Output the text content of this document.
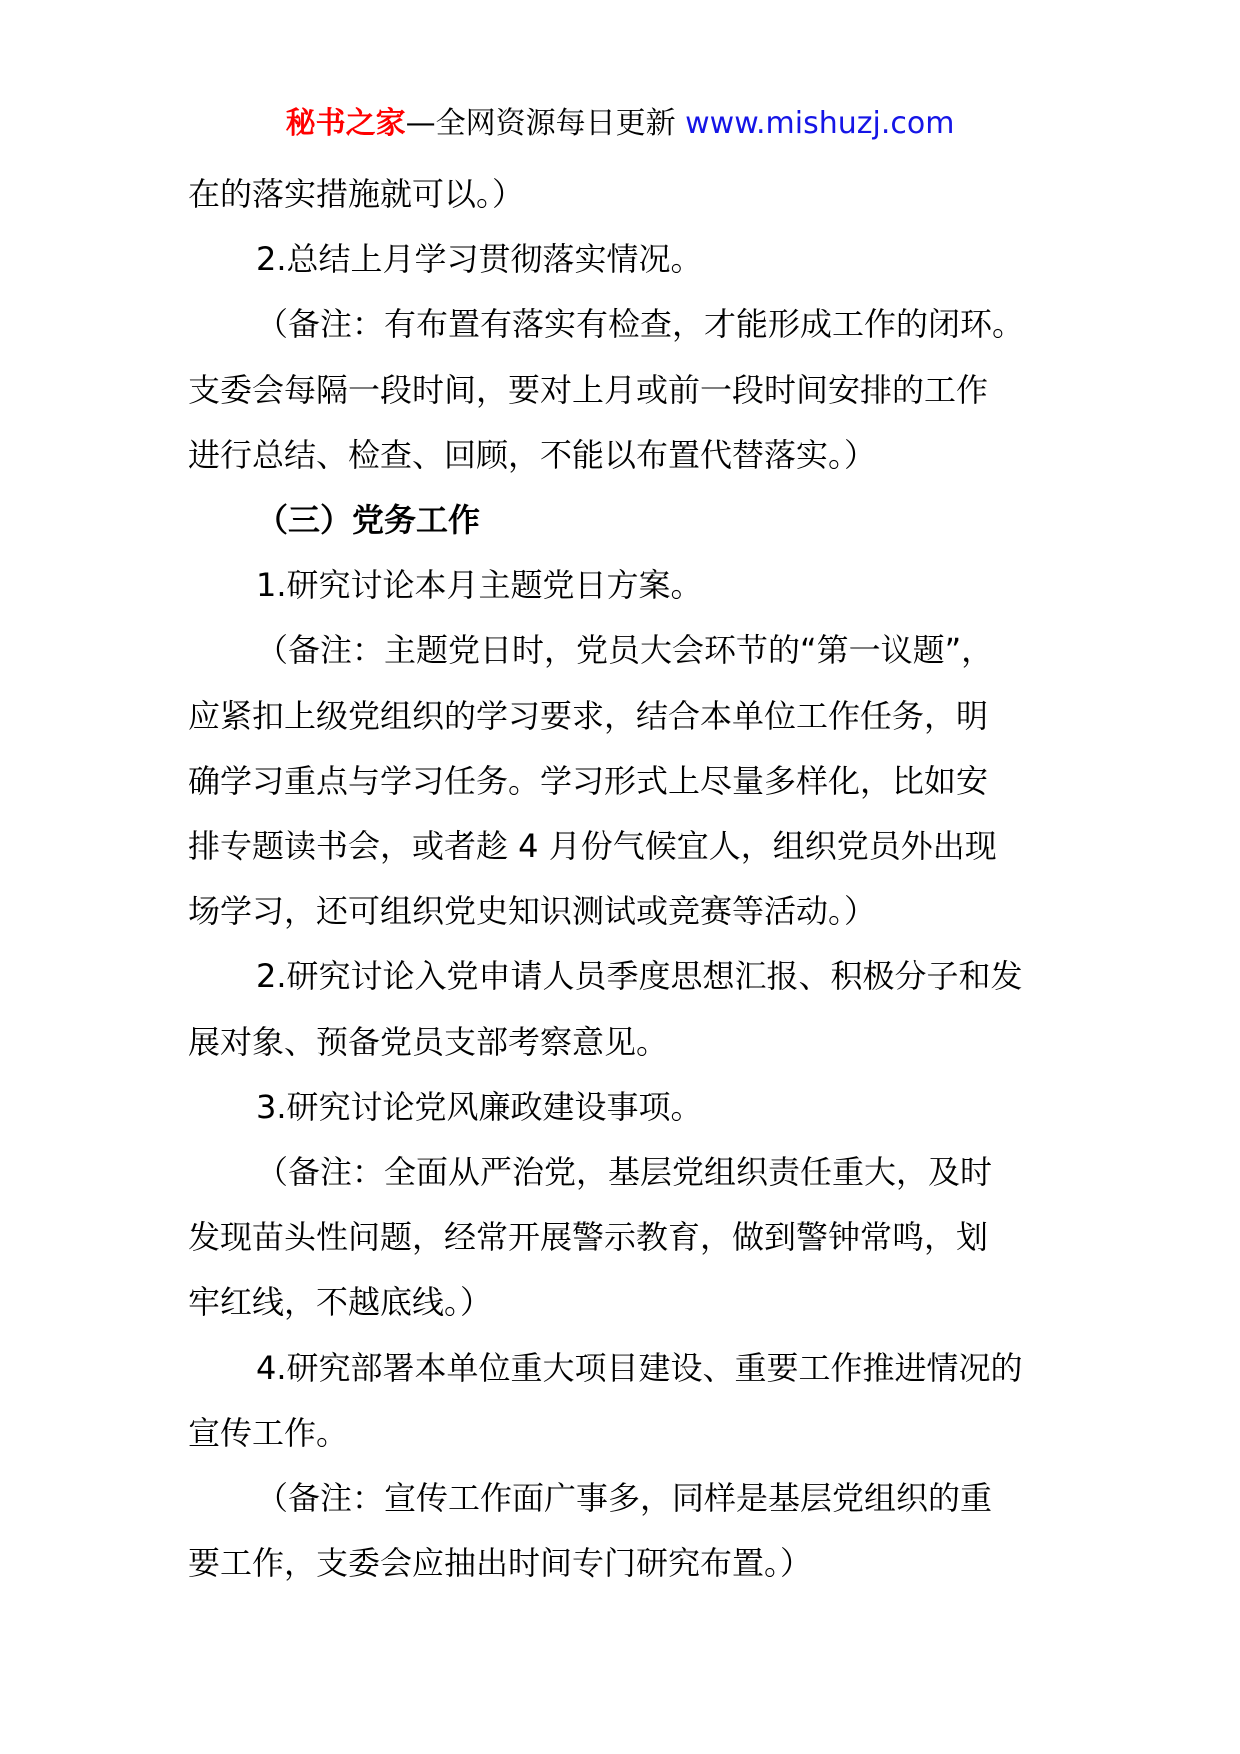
秘书之家—全网资源每日更新 www.mishuzj.com

在的落实措施就可以。）

2.总结上月学习贯彻落实情况。

（备注：有布置有落实有检查，才能形成工作的闭环。

支委会每隔一段时间，要对上月或前一段时间安排的工作

进行总结、检查、回顾，不能以布置代替落实。）

（三）党务工作

1.研究讨论本月主题党日方案。

（备注：主题党日时，党员大会环节的“第一议题”，

应紧扣上级党组织的学习要求，结合本单位工作任务，明

确学习重点与学习任务。学习形式上尽量多样化，比如安

排专题读书会，或者趁 4 月份气候宜人，组织党员外出现

场学习，还可组织党史知识测试或竞赛等活动。）

2.研究讨论入党申请人员季度思想汇报、积极分子和发

展对象、预备党员支部考察意见。

3.研究讨论党风廉政建设事项。

（备注：全面从严治党，基层党组织责任重大，及时

发现苗头性问题，经常开展警示教育，做到警钟常鸣，划

牢红线，不越底线。）

4.研究部署本单位重大项目建设、重要工作推进情况的

宣传工作。

（备注：宣传工作面广事多，同样是基层党组织的重

要工作，支委会应抽出时间专门研究布置。）
